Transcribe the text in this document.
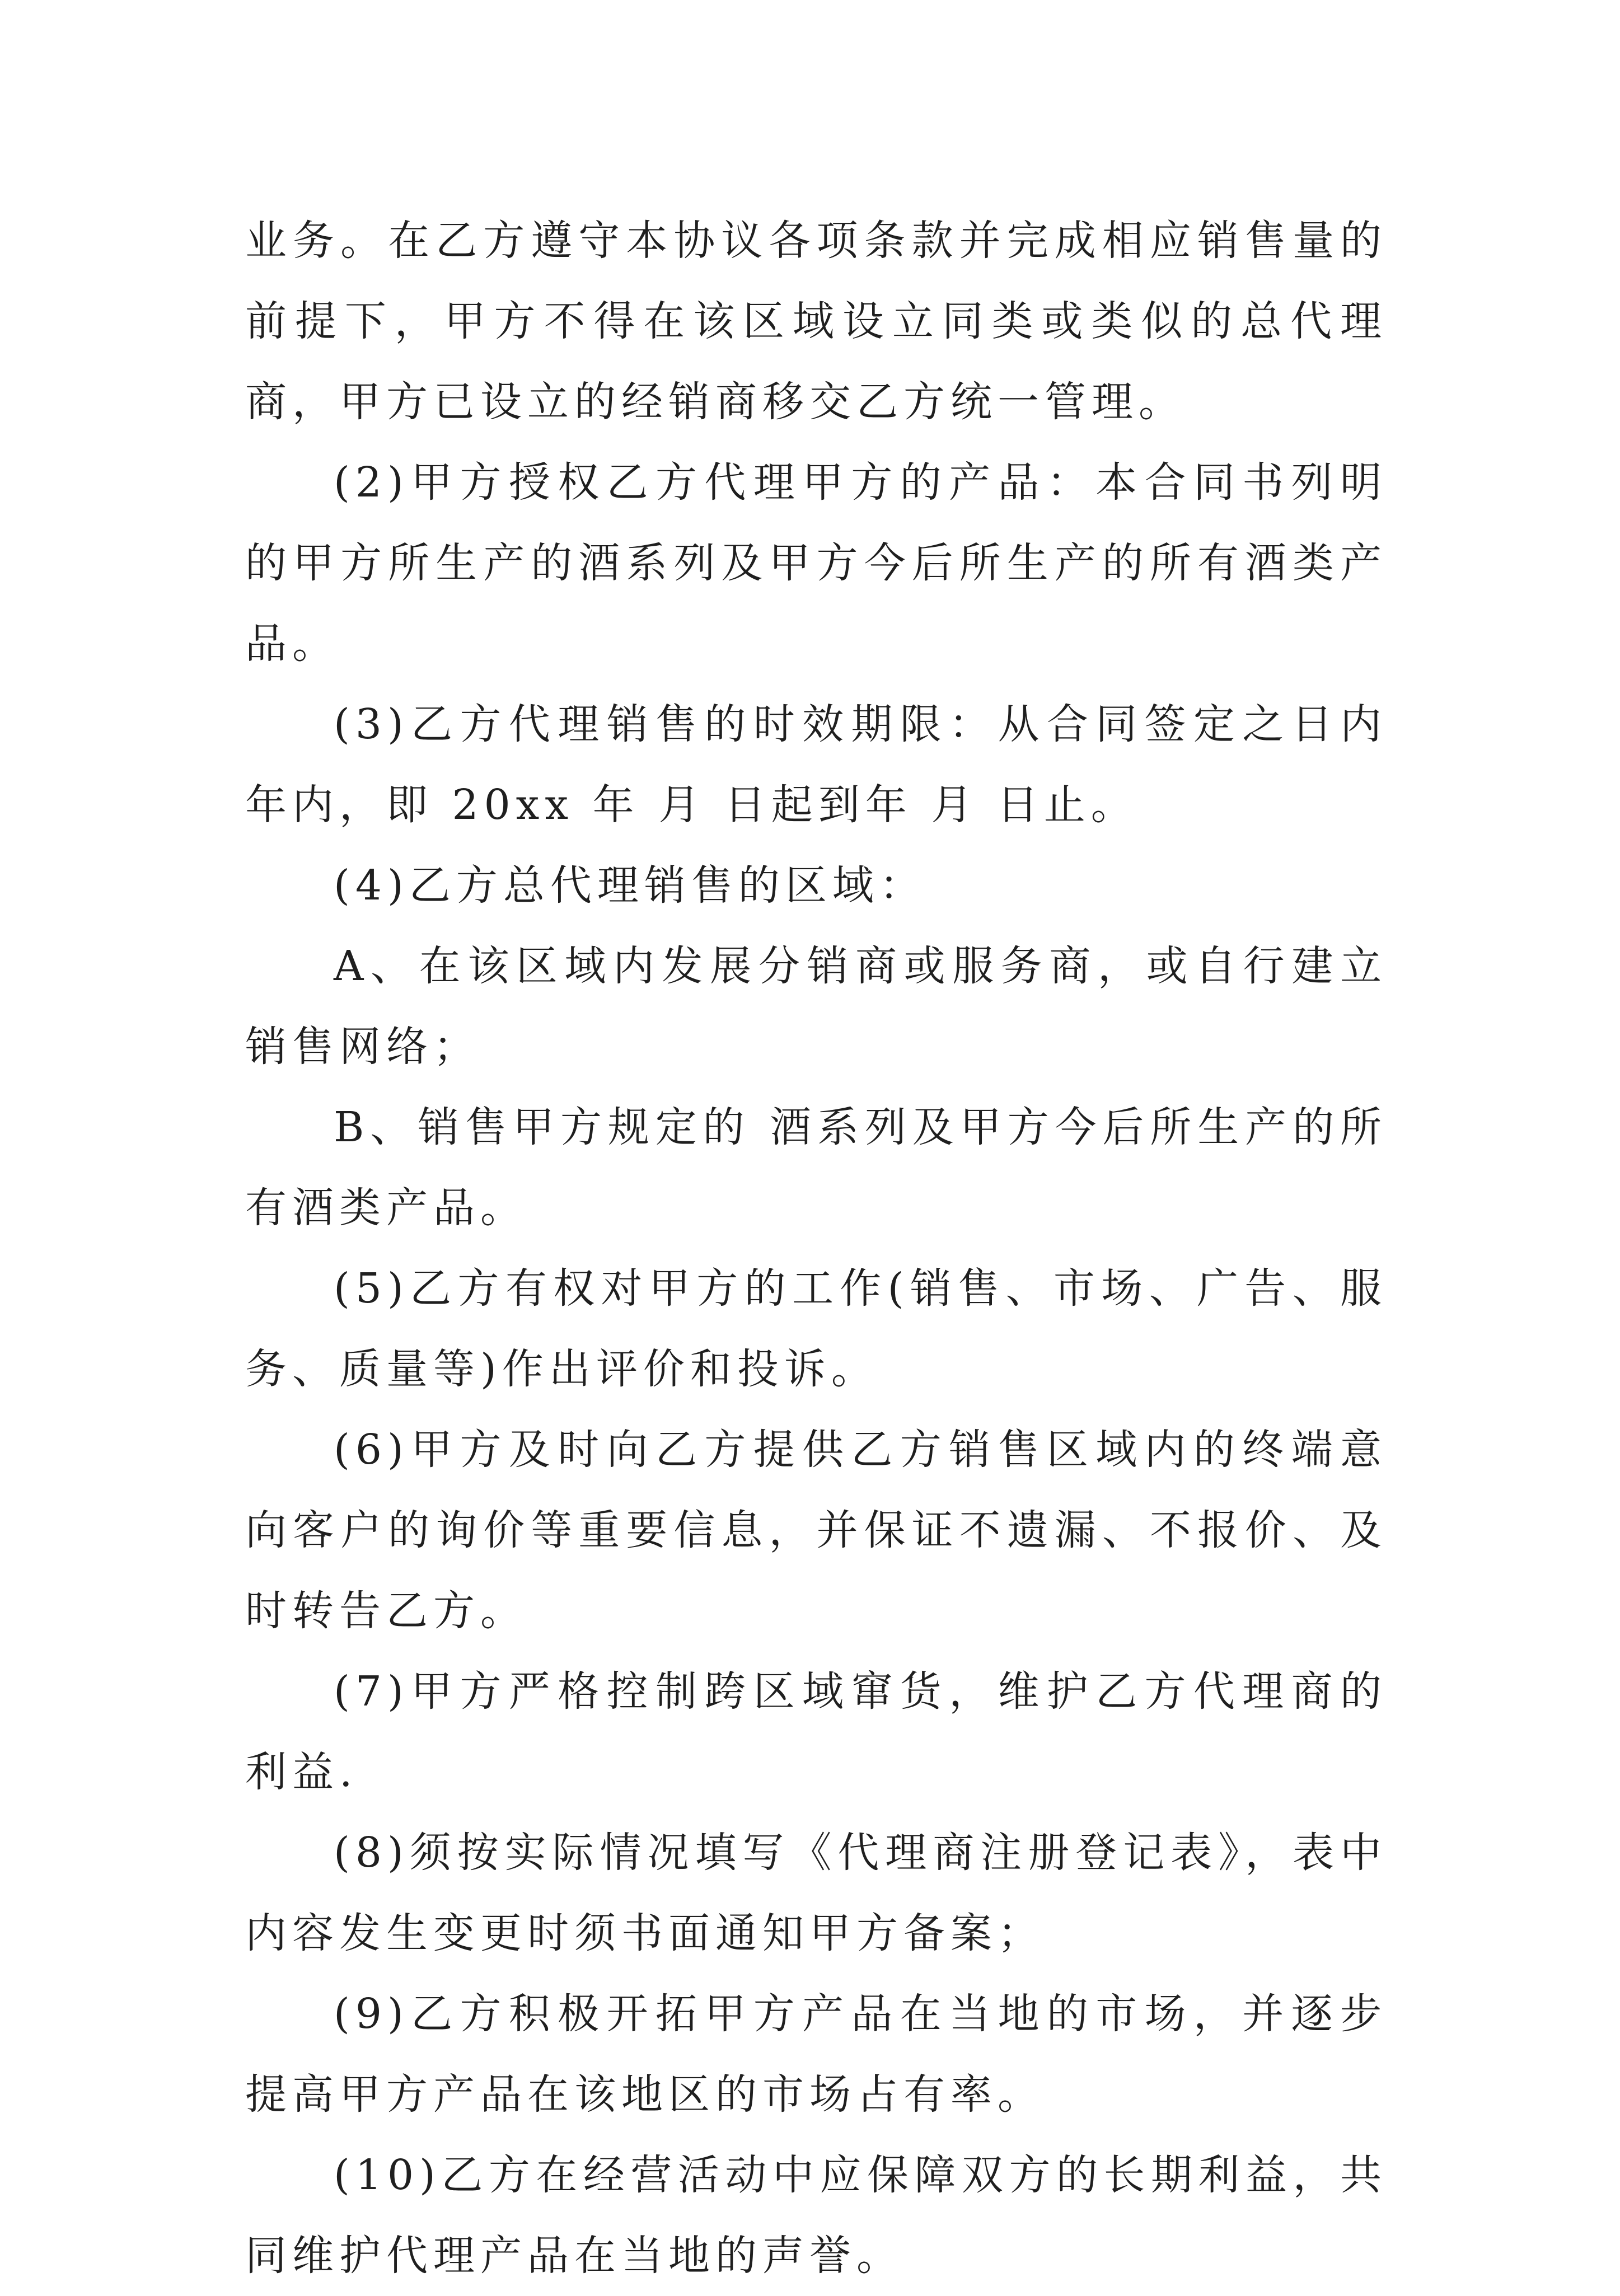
业务。在乙方遵守本协议各项条款并完成相应销售量的前提下，甲方不得在该区域设立同类或类似的总代理商，甲方已设立的经销商移交乙方统一管理。

(2)甲方授权乙方代理甲方的产品：本合同书列明的甲方所生产的酒系列及甲方今后所生产的所有酒类产品。

(3)乙方代理销售的时效期限：从合同签定之日内 年内，即 20xx 年 月 日起到年 月 日止。

(4)乙方总代理销售的区域：

A、在该区域内发展分销商或服务商，或自行建立销售网络；

B、销售甲方规定的 酒系列及甲方今后所生产的所有酒类产品。

(5)乙方有权对甲方的工作(销售、市场、广告、服务、质量等)作出评价和投诉。

(6)甲方及时向乙方提供乙方销售区域内的终端意向客户的询价等重要信息，并保证不遗漏、不报价、及时转告乙方。

(7)甲方严格控制跨区域窜货，维护乙方代理商的利益.

(8)须按实际情况填写《代理商注册登记表》，表中内容发生变更时须书面通知甲方备案；

(9)乙方积极开拓甲方产品在当地的市场，并逐步提高甲方产品在该地区的市场占有率。

(10)乙方在经营活动中应保障双方的长期利益，共同维护代理产品在当地的声誉。
